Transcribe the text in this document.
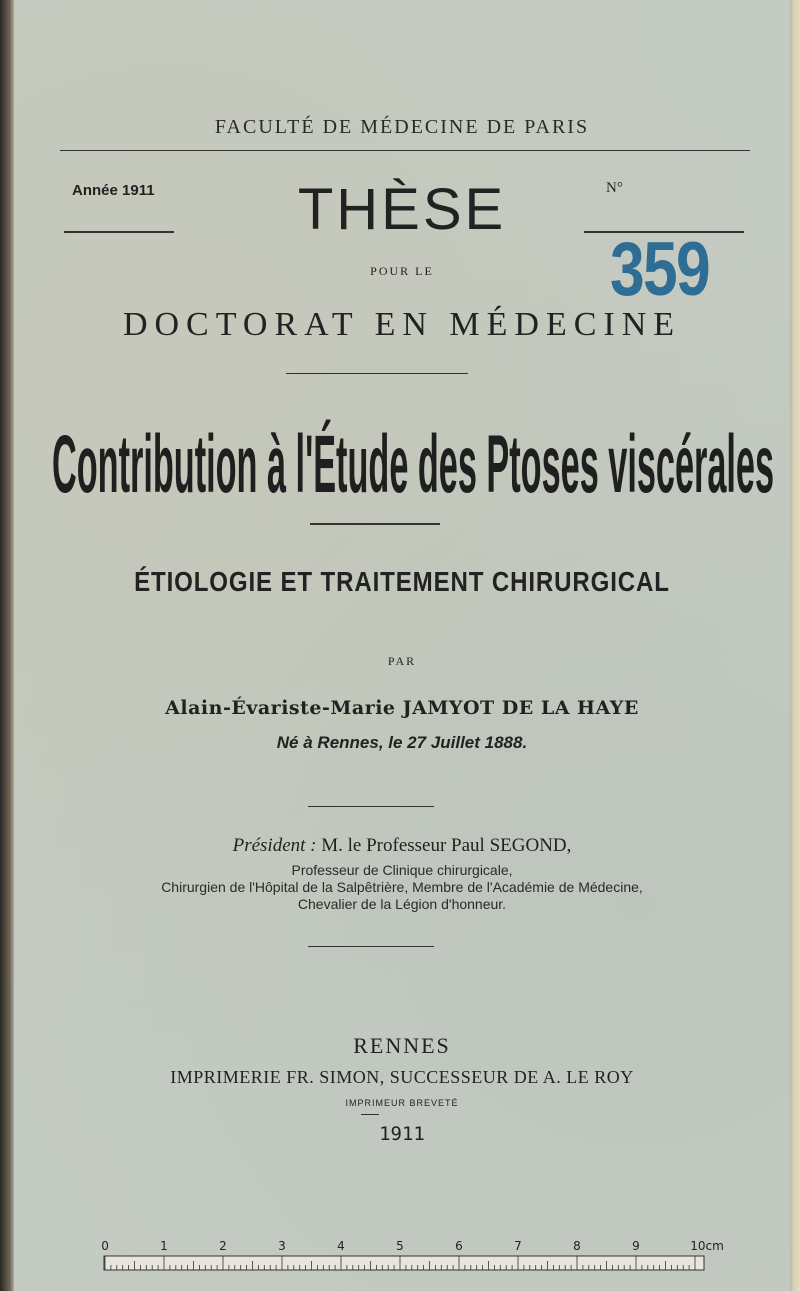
FACULTÉ DE MÉDECINE DE PARIS
Année 1911	N°
359
THÈSE
POUR LE
DOCTORAT EN MÉDECINE
Contribution à l'Étude des Ptoses viscérales
ÉTIOLOGIE ET TRAITEMENT CHIRURGICAL
PAR
Alain-Évariste-Marie JAMYOT DE LA HAYE
Né à Rennes, le 27 Juillet 1888.
Président : M. le Professeur Paul SEGOND,
Professeur de Clinique chirurgicale,
Chirurgien de l'Hôpital de la Salpêtrière, Membre de l'Académie de Médecine,
Chevalier de la Légion d'honneur.
RENNES
IMPRIMERIE FR. SIMON, SUCCESSEUR DE A. LE ROY
IMPRIMEUR BREVETÉ
1911
0	1	2	3	4	5	6	7	8	9	10cm
